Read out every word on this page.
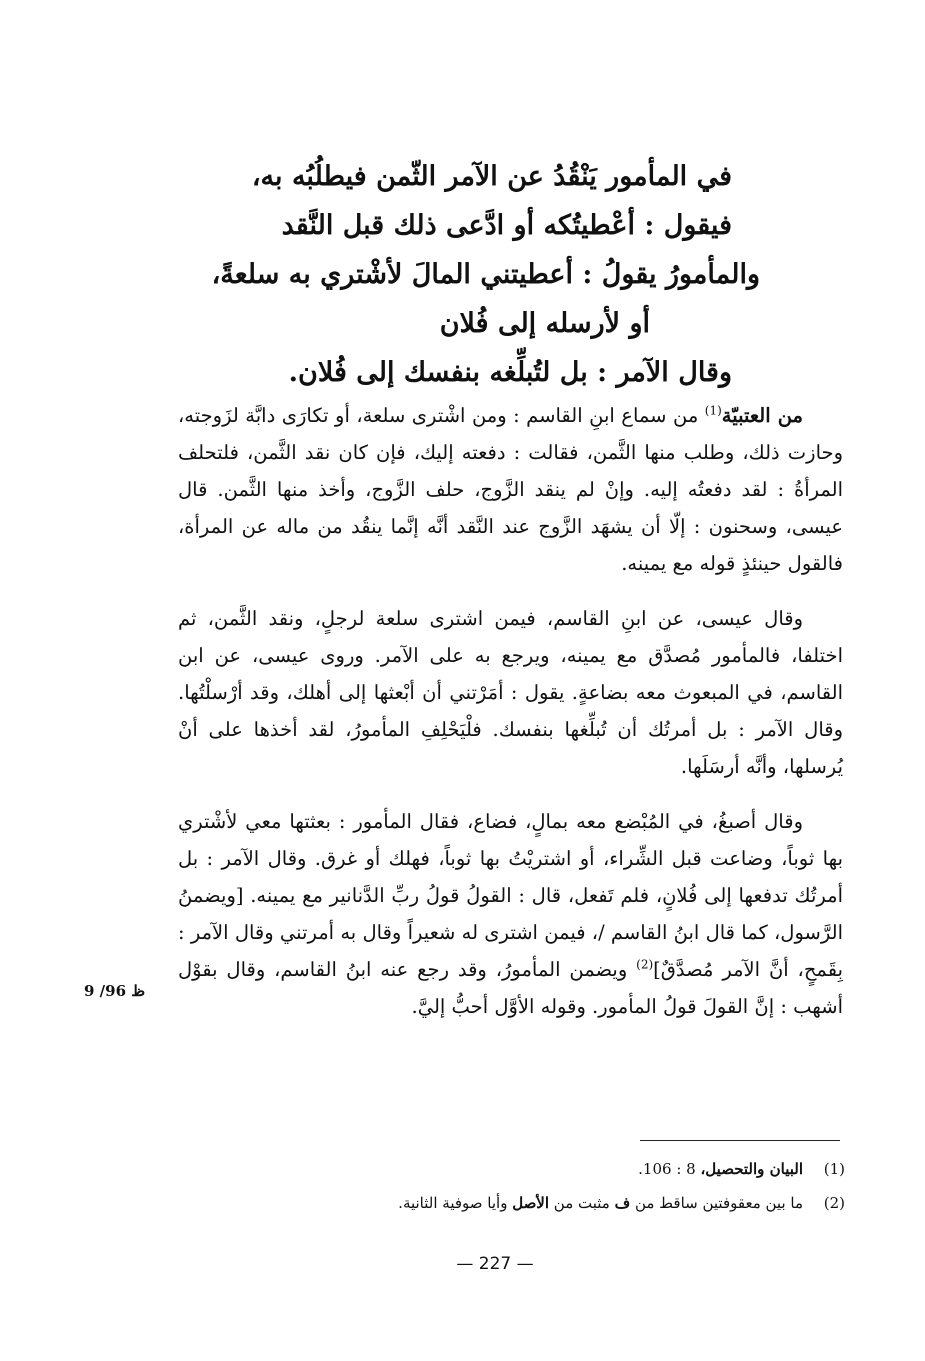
في المأمور يَنْقُدُ عن الآمر الثّمن فيطلُبُه به،
فيقول : أعْطيتُكه أو ادَّعى ذلك قبل النَّقد
والمأمورُ يقولُ : أعطيتني المالَ لأشْتري به سلعةً،
أو لأرسله إلى فُلان
وقال الآمر : بل لتُبلِّغه بنفسك إلى فُلان.

من العتبيّة$^{(1)}$ من سماع ابنِ القاسم : ومن اشْترى سلعة، أو تكارَى دابَّة لزَوجته، وحازت ذلك، وطلب منها الثَّمن، فقالت : دفعته إليك، فإن كان نقد الثَّمن، فلتحلف المرأةُ : لقد دفعتُه إليه. وإنْ لم ينقد الزَّوج، حلف الزَّوج، وأخذ منها الثَّمن. قال عيسى، وسحنون : إلّا أن يشهَد الزَّوج عند النَّقد أنَّه إنَّما ينقُد من ماله عن المرأة، فالقول حينئذٍ قوله مع يمينه.

وقال عيسى، عن ابنِ القاسم، فيمن اشترى سلعة لرجلٍ، ونقد الثَّمن، ثم اختلفا، فالمأمور مُصدَّق مع يمينه، ويرجع به على الآمر. وروى عيسى، عن ابن القاسم، في المبعوث معه بضاعةٍ. يقول : أمَرْتني أن أبْعثها إلى أهلك، وقد أرْسلْتُها. وقال الآمر : بل أمرتُك أن تُبلِّغها بنفسك. فلْيَحْلِفِ المأمورُ، لقد أخذها على أنْ يُرسلها، وأنَّه أرسَلَها.

وقال أصبغُ، في المُبْضع معه بمالٍ، فضاع، فقال المأمور : بعثتها معي لأشْتري بها ثوباً، وضاعت قبل الشِّراء، أو اشتريْتُ بها ثوباً، فهلك أو غرق. وقال الآمر : بل أمرتُك تدفعها إلى فُلانٍ، فلم تَفعل، قال : القولُ قولُ ربِّ الدَّنانير مع يمينه. [ويضمنُ الرَّسول، كما قال ابنُ القاسم /، فيمن اشترى له شعيراً وقال به أمرتني وقال الآمر : بِقَمحٍ، أنَّ الآمر مُصدَّقٌ]$^{(2)}$ ويضمن المأمورُ، وقد رجع عنه ابنُ القاسم، وقال بقوْل أشهب : إنَّ القولَ قولُ المأمور. وقوله الأوَّل أحبُّ إليَّ.

9 /96 ظ
(1)البيان والتحصيل، 8 : 106.
(2)ما بين معقوفتين ساقط من ف مثبت من الأصل وأيا صوفية الثانية.
— 227 —
